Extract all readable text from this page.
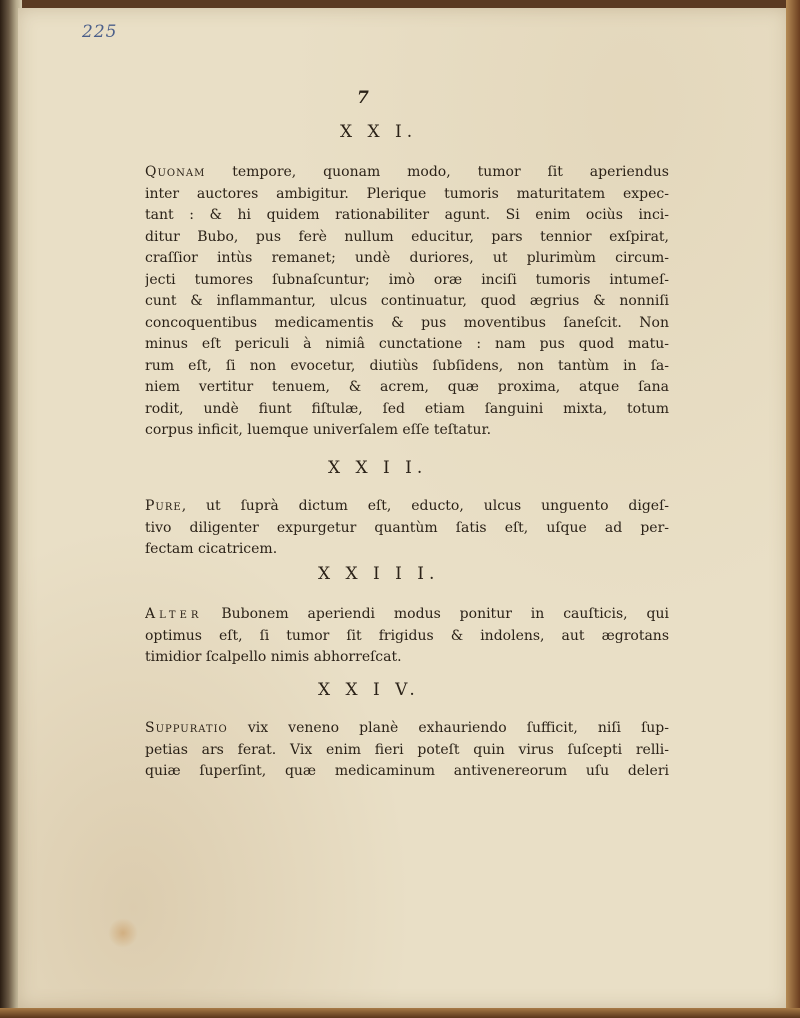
225
7
X X I.
Quonam tempore, quonam modo, tumor ſit aperiendus
inter auctores ambigitur. Plerique tumoris maturitatem expec-
tant : & hi quidem rationabiliter agunt. Si enim ociùs inci-
ditur Bubo, pus ferè nullum educitur, pars tennior exſpirat,
craſſior intùs remanet; undè duriores, ut plurimùm circum-
jecti tumores ſubnaſcuntur; imò oræ inciſi tumoris intumeſ-
cunt & inflammantur, ulcus continuatur, quod ægrius & nonniſi
concoquentibus medicamentis & pus moventibus ſaneſcit. Non
minus eſt periculi à nimiâ cunctatione : nam pus quod matu-
rum eſt, ſi non evocetur, diutiùs ſubſidens, non tantùm in ſa-
niem vertitur tenuem, & acrem, quæ proxima, atque ſana
rodit, undè fiunt fiſtulæ, ſed etiam ſanguini mixta, totum
corpus inficit, luemque univerſalem eſſe teſtatur.
X X I I.
Pure, ut ſuprà dictum eſt, educto, ulcus unguento digeſ-
tivo diligenter expurgetur quantùm ſatis eſt, uſque ad per-
fectam cicatricem.
X X I I I.
Alter Bubonem aperiendi modus ponitur in cauſticis, qui
optimus eſt, ſi tumor ſit frigidus & indolens, aut ægrotans
timidior ſcalpello nimis abhorreſcat.
X X I V.
Suppuratio vix veneno planè exhauriendo ſufficit, niſi ſup-
petias ars ferat. Vix enim fieri poteſt quin virus ſuſcepti relli-
quiæ ſuperſint, quæ medicaminum antivenereorum uſu deleri
